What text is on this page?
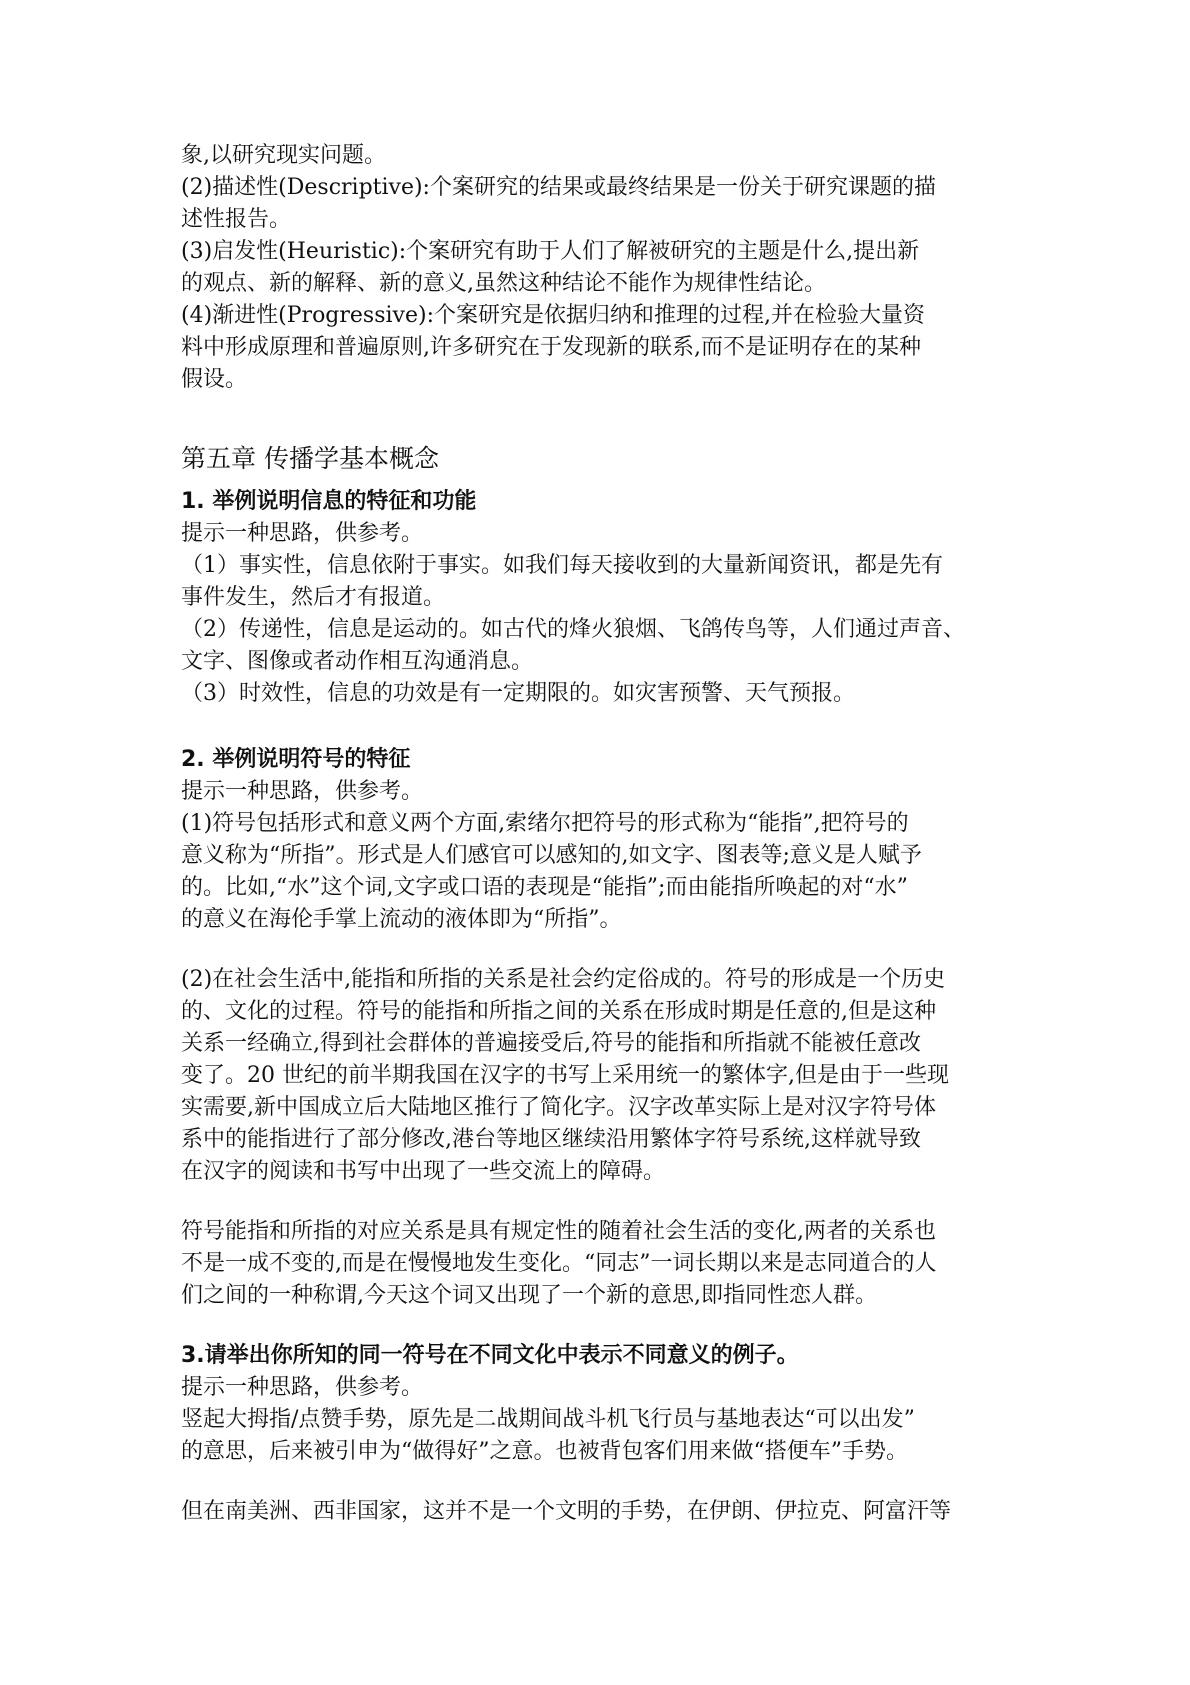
象,以研究现实问题。
(2)描述性(Descriptive):个案研究的结果或最终结果是一份关于研究课题的描
述性报告。
(3)启发性(Heuristic):个案研究有助于人们了解被研究的主题是什么,提出新
的观点、新的解释、新的意义,虽然这种结论不能作为规律性结论。
(4)渐进性(Progressive):个案研究是依据归纳和推理的过程,并在检验大量资
料中形成原理和普遍原则,许多研究在于发现新的联系,而不是证明存在的某种
假设。
第五章 传播学基本概念
1. 举例说明信息的特征和功能
提示一种思路，供参考。
（1）事实性，信息依附于事实。如我们每天接收到的大量新闻资讯，都是先有
事件发生，然后才有报道。
（2）传递性，信息是运动的。如古代的烽火狼烟、飞鸽传鸟等，人们通过声音、
文字、图像或者动作相互沟通消息。
（3）时效性，信息的功效是有一定期限的。如灾害预警、天气预报。
2. 举例说明符号的特征
提示一种思路，供参考。
(1)符号包括形式和意义两个方面,索绪尔把符号的形式称为“能指”,把符号的
意义称为“所指”。形式是人们感官可以感知的,如文字、图表等;意义是人赋予
的。比如,“水”这个词,文字或口语的表现是“能指”;而由能指所唤起的对“水”
的意义在海伦手掌上流动的液体即为“所指”。
(2)在社会生活中,能指和所指的关系是社会约定俗成的。符号的形成是一个历史
的、文化的过程。符号的能指和所指之间的关系在形成时期是任意的,但是这种
关系一经确立,得到社会群体的普遍接受后,符号的能指和所指就不能被任意改
变了。20 世纪的前半期我国在汉字的书写上采用统一的繁体字,但是由于一些现
实需要,新中国成立后大陆地区推行了简化字。汉字改革实际上是对汉字符号体
系中的能指进行了部分修改,港台等地区继续沿用繁体字符号系统,这样就导致
在汉字的阅读和书写中出现了一些交流上的障碍。
符号能指和所指的对应关系是具有规定性的随着社会生活的变化,两者的关系也
不是一成不变的,而是在慢慢地发生变化。“同志”一词长期以来是志同道合的人
们之间的一种称谓,今天这个词又出现了一个新的意思,即指同性恋人群。
3.请举出你所知的同一符号在不同文化中表示不同意义的例子。
提示一种思路，供参考。
竖起大拇指/点赞手势，原先是二战期间战斗机飞行员与基地表达“可以出发”
的意思，后来被引申为“做得好”之意。也被背包客们用来做“搭便车”手势。
但在南美洲、西非国家，这并不是一个文明的手势，在伊朗、伊拉克、阿富汗等
